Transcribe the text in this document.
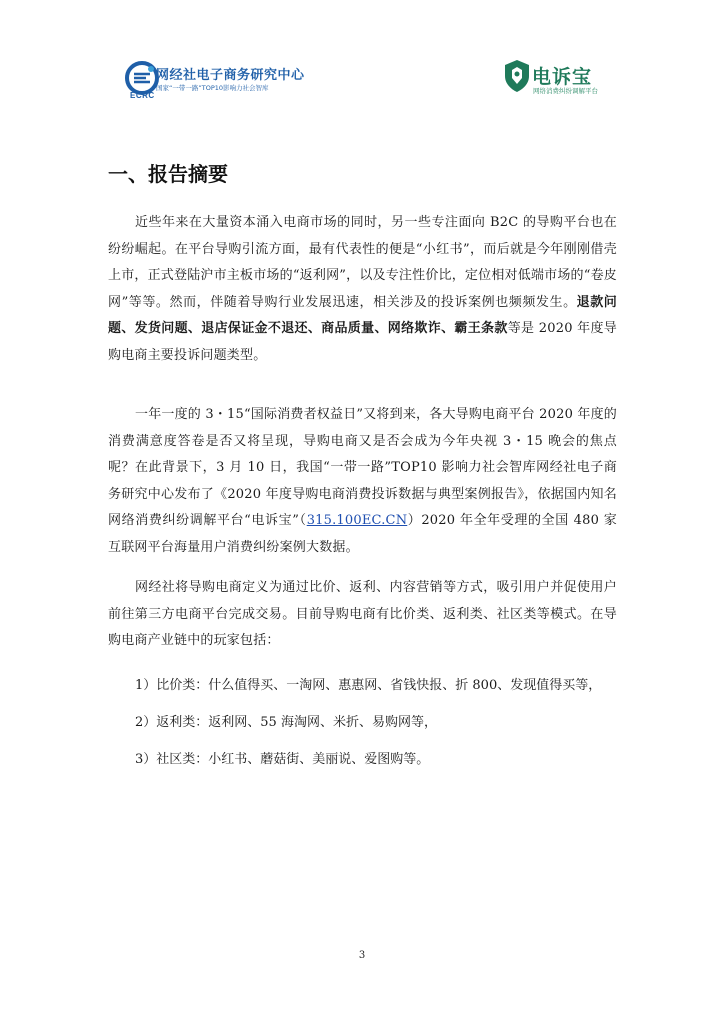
ECRC
网经社电子商务研究中心
国家“一带一路”TOP10影响力社会智库	电诉宝
网络消费纠纷调解平台
一、报告摘要

近些年来在大量资本涌入电商市场的同时，另一些专注面向 B2C 的导购平台也在纷纷崛起。在平台导购引流方面，最有代表性的便是“小红书”，而后就是今年刚刚借壳上市，正式登陆沪市主板市场的“返利网”，以及专注性价比，定位相对低端市场的“卷皮网”等等。然而，伴随着导购行业发展迅速，相关涉及的投诉案例也频频发生。退款问题、发货问题、退店保证金不退还、商品质量、网络欺诈、霸王条款等是 2020 年度导购电商主要投诉问题类型。

一年一度的 3・15“国际消费者权益日”又将到来，各大导购电商平台 2020 年度的消费满意度答卷是否又将呈现，导购电商又是否会成为今年央视 3・15 晚会的焦点呢？在此背景下，3 月 10 日，我国“一带一路”TOP10 影响力社会智库网经社电子商务研究中心发布了《2020 年度导购电商消费投诉数据与典型案例报告》，依据国内知名网络消费纠纷调解平台“电诉宝”（315.100EC.CN）2020 年全年受理的全国 480 家互联网平台海量用户消费纠纷案例大数据。

网经社将导购电商定义为通过比价、返利、内容营销等方式，吸引用户并促使用户前往第三方电商平台完成交易。目前导购电商有比价类、返利类、社区类等模式。在导购电商产业链中的玩家包括：

1）比价类：什么值得买、一淘网、惠惠网、省钱快报、折 800、发现值得买等，

2）返利类：返利网、55 海淘网、米折、易购网等，

3）社区类：小红书、蘑菇街、美丽说、爱图购等。

3
